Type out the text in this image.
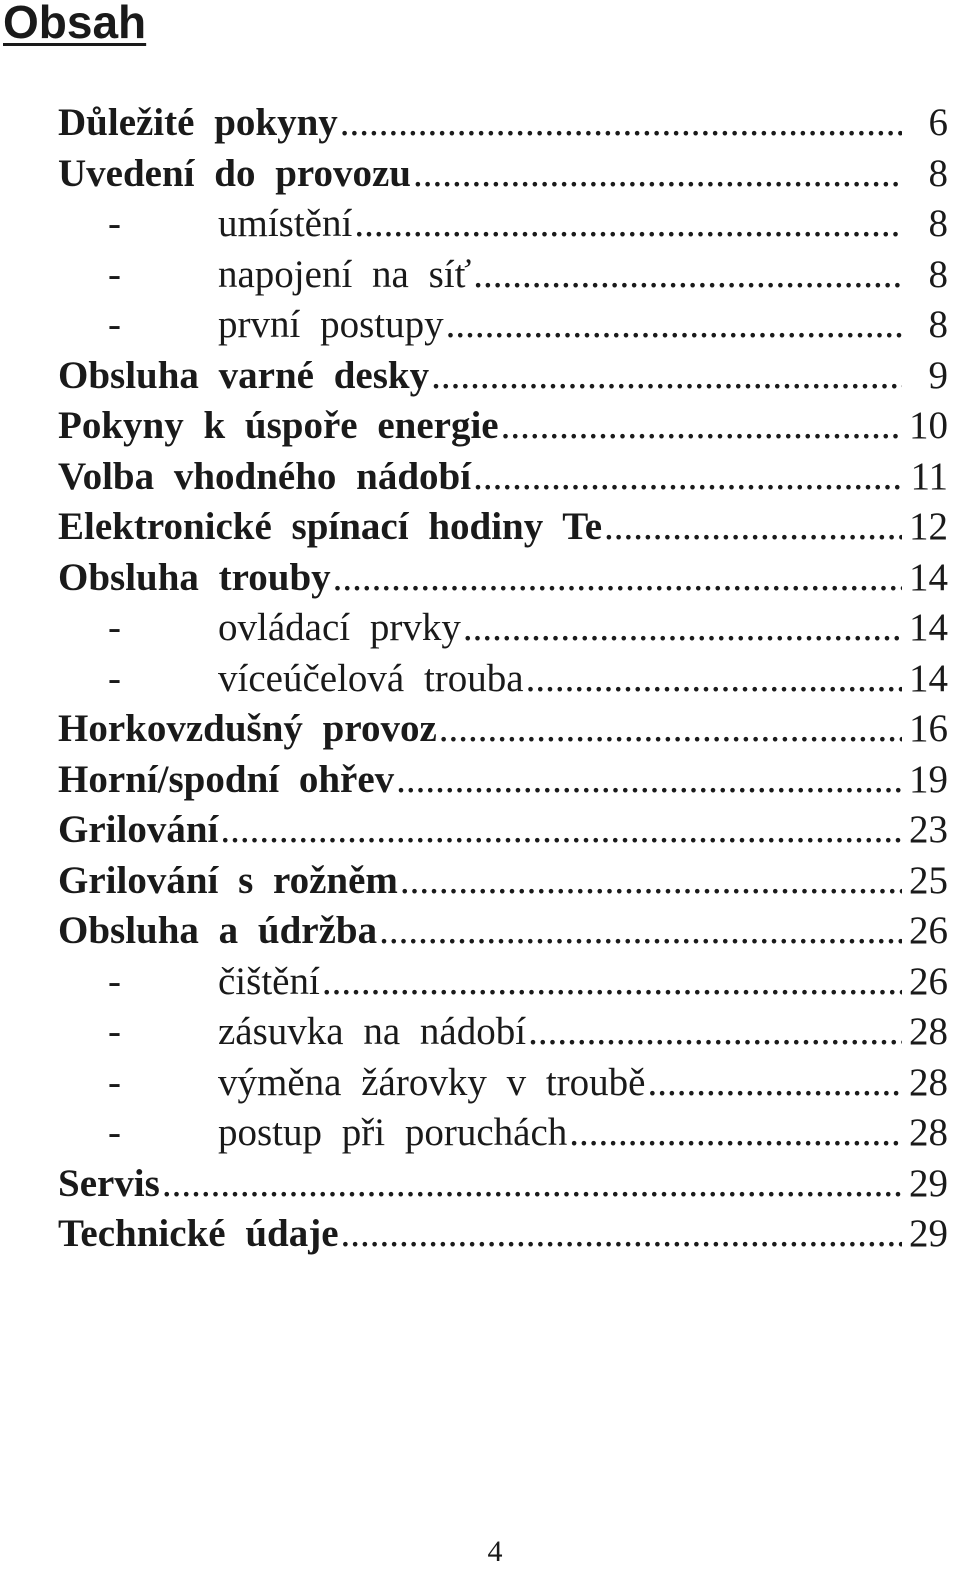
Obsah
Důležité pokyny .....	6
Uvedení do provozu .....	8
-	umístění .....	8
-	napojení na síť .....	8
-	první postupy .....	8
Obsluha varné desky .....	9
Pokyny k úspoře energie .....	10
Volba vhodného nádobí .....	11
Elektronické spínací hodiny Te .....	12
Obsluha trouby .....	14
-	ovládací prvky .....	14
-	víceúčelová trouba .....	14
Horkovzdušný provoz .....	16
Horní/spodní ohřev .....	19
Grilování .....	23
Grilování s rožněm .....	25
Obsluha a údržba .....	26
-	čištění .....	26
-	zásuvka na nádobí .....	28
-	výměna žárovky v troubě .....	28
-	postup při poruchách .....	28
Servis .....	29
Technické údaje .....	29
4
